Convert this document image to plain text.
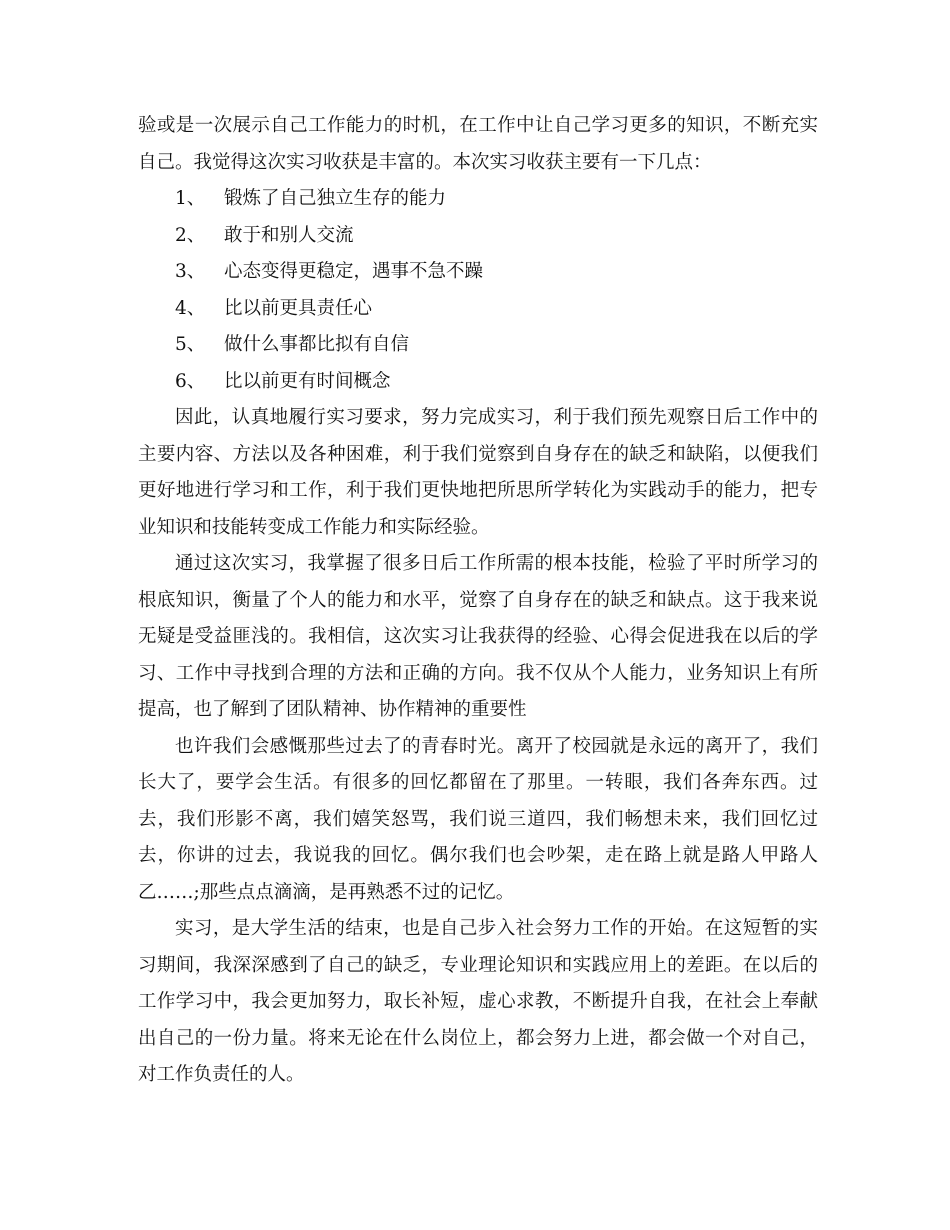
验或是一次展示自己工作能力的时机，在工作中让自己学习更多的知识，不断充实自己。我觉得这次实习收获是丰富的。本次实习收获主要有一下几点：

1、 锻炼了自己独立生存的能力

2、 敢于和别人交流

3、 心态变得更稳定，遇事不急不躁

4、 比以前更具责任心

5、 做什么事都比拟有自信

6、 比以前更有时间概念

因此，认真地履行实习要求，努力完成实习，利于我们预先观察日后工作中的主要内容、方法以及各种困难，利于我们觉察到自身存在的缺乏和缺陷，以便我们更好地进行学习和工作，利于我们更快地把所思所学转化为实践动手的能力，把专业知识和技能转变成工作能力和实际经验。

通过这次实习，我掌握了很多日后工作所需的根本技能，检验了平时所学习的根底知识，衡量了个人的能力和水平，觉察了自身存在的缺乏和缺点。这于我来说无疑是受益匪浅的。我相信，这次实习让我获得的经验、心得会促进我在以后的学习、工作中寻找到合理的方法和正确的方向。我不仅从个人能力，业务知识上有所提高，也了解到了团队精神、协作精神的重要性

也许我们会感慨那些过去了的青春时光。离开了校园就是永远的离开了，我们长大了，要学会生活。有很多的回忆都留在了那里。一转眼，我们各奔东西。过去，我们形影不离，我们嬉笑怒骂，我们说三道四，我们畅想未来，我们回忆过去，你讲的过去，我说我的回忆。偶尔我们也会吵架，走在路上就是路人甲路人乙……;那些点点滴滴，是再熟悉不过的记忆。

实习，是大学生活的结束，也是自己步入社会努力工作的开始。在这短暂的实习期间，我深深感到了自己的缺乏，专业理论知识和实践应用上的差距。在以后的工作学习中，我会更加努力，取长补短，虚心求教，不断提升自我，在社会上奉献出自己的一份力量。将来无论在什么岗位上，都会努力上进，都会做一个对自己，对工作负责任的人。
